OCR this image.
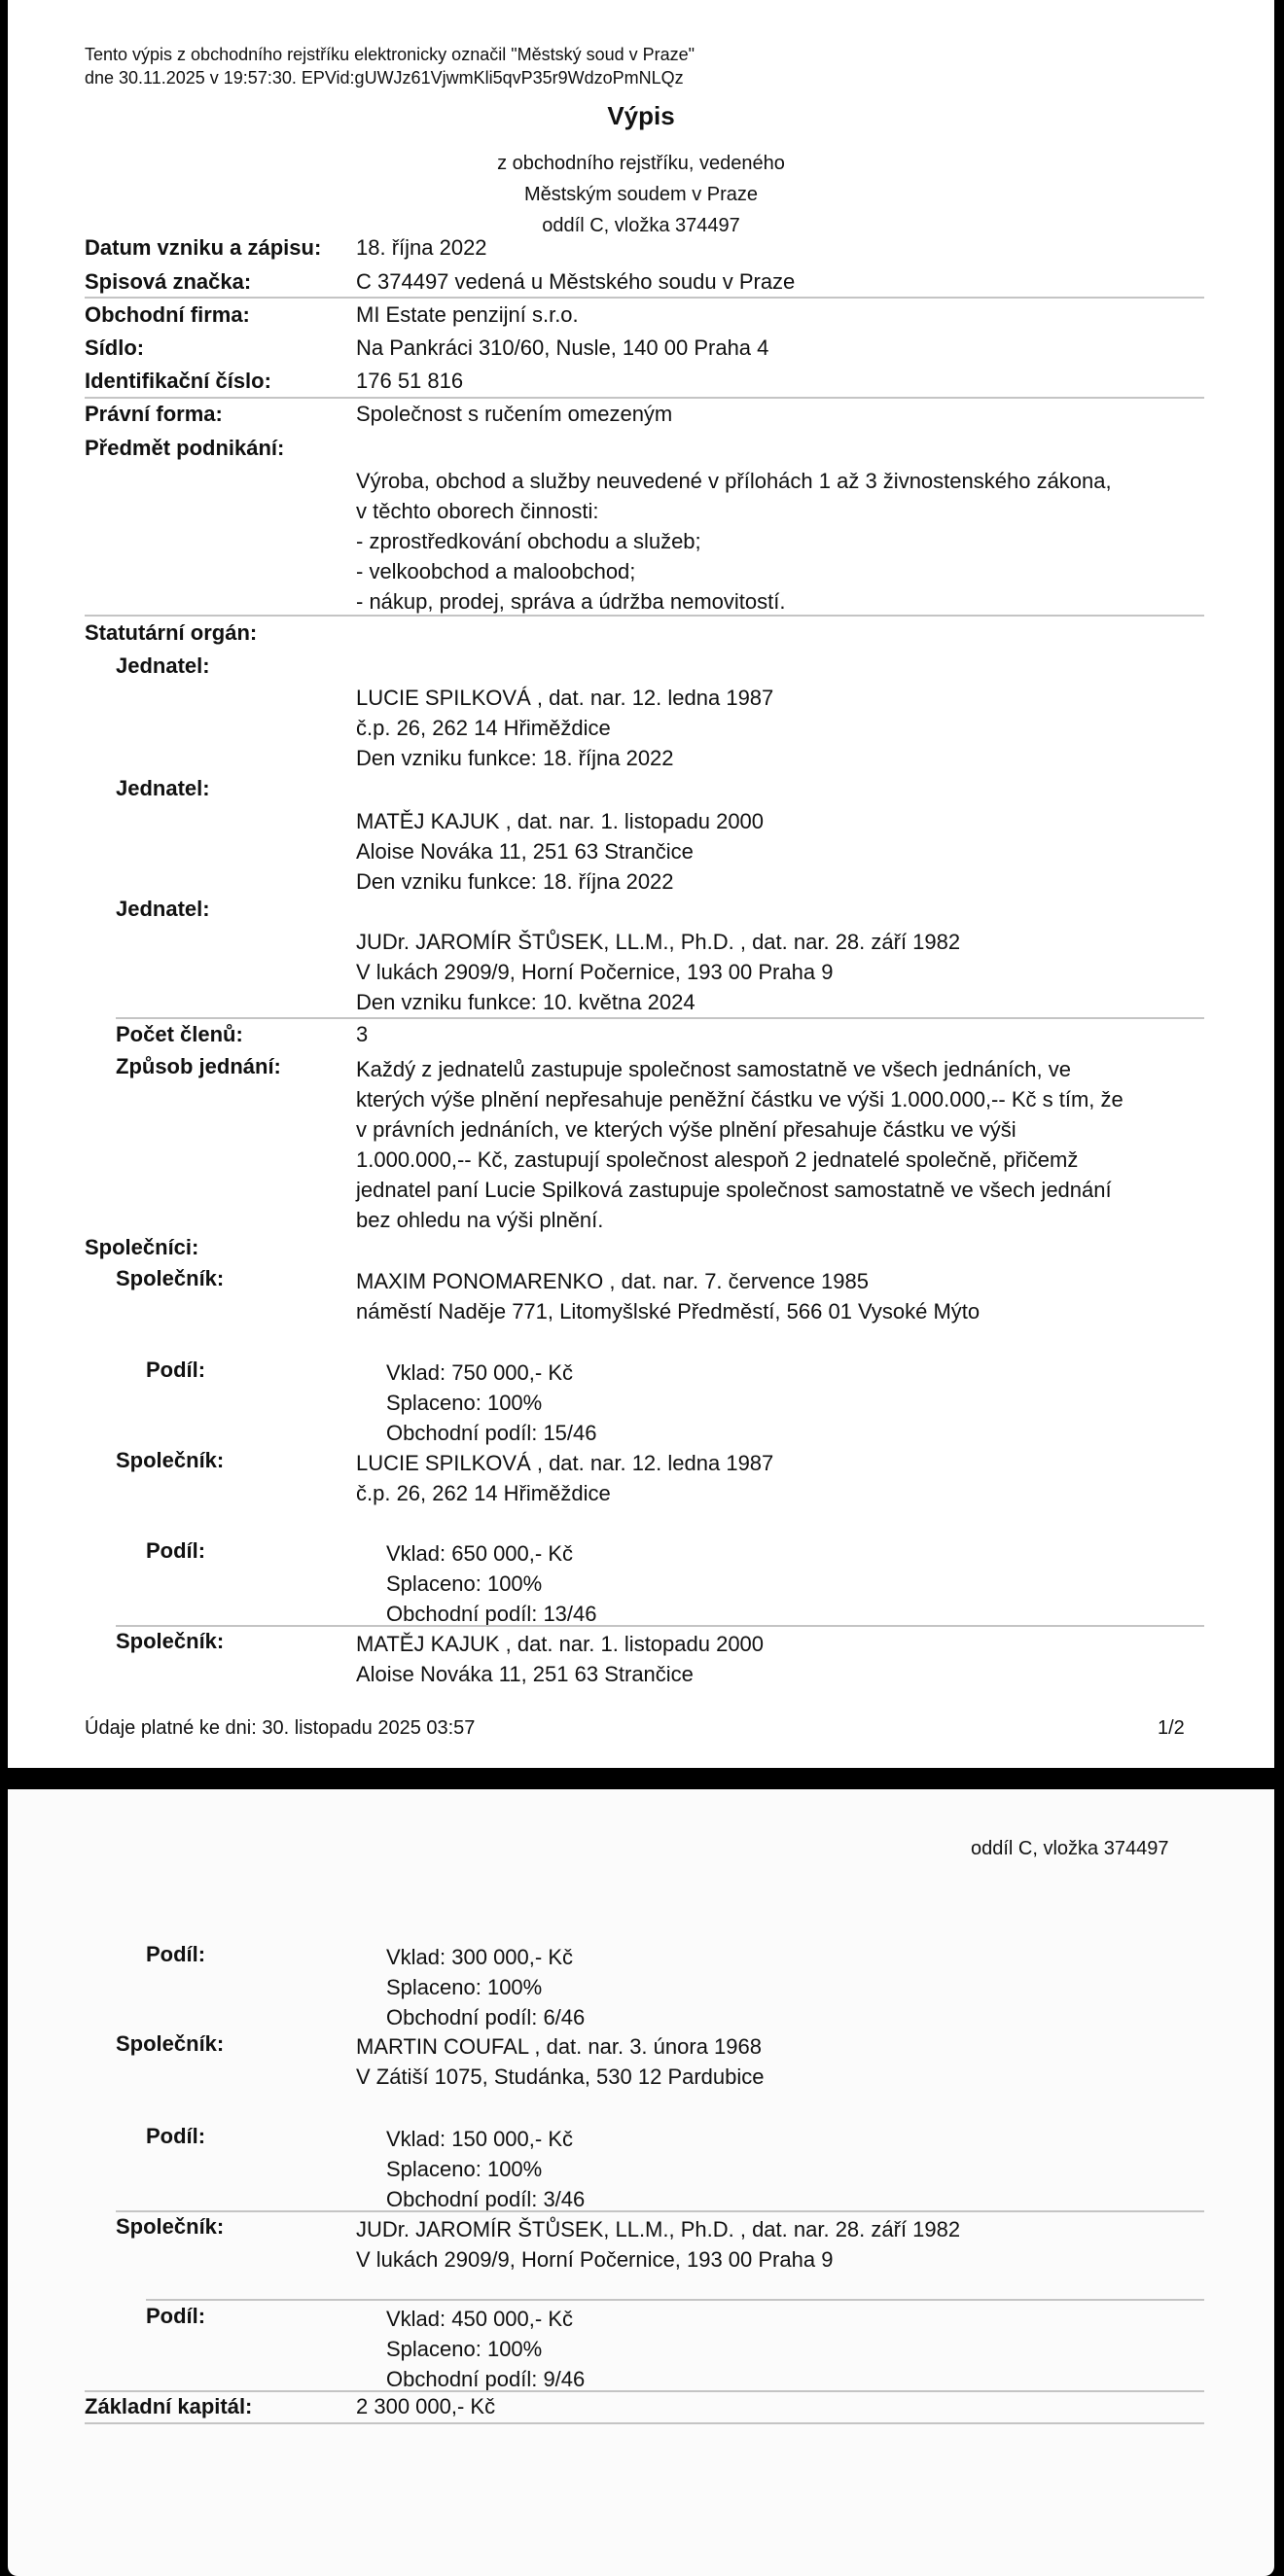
Tento výpis z obchodního rejstříku elektronicky označil "Městský soud v Praze"
dne 30.11.2025 v 19:57:30. EPVid:gUWJz61VjwmKli5qvP35r9WdzoPmNLQz
Výpis
z obchodního rejstříku, vedeného
Městským soudem v Praze
oddíl C, vložka 374497
Datum vzniku a zápisu: 18. října 2022
Spisová značka:	C 374497 vedená u Městského soudu v Praze
Obchodní firma:	MI Estate penzijní s.r.o.
Sídlo:	Na Pankráci 310/60, Nusle, 140 00 Praha 4
Identifikační číslo:	176 51 816
Právní forma:	Společnost s ručením omezeným
Předmět podnikání:
Výroba, obchod a služby neuvedené v přílohách 1 až 3 živnostenského zákona,
v těchto oborech činnosti:
- zprostředkování obchodu a služeb;
- velkoobchod a maloobchod;
- nákup, prodej, správa a údržba nemovitostí.
Statutární orgán:
Jednatel:
LUCIE SPILKOVÁ , dat. nar. 12. ledna 1987
č.p. 26, 262 14 Hřiměždice
Den vzniku funkce: 18. října 2022
Jednatel:
MATĚJ KAJUK , dat. nar. 1. listopadu 2000
Aloise Nováka 11, 251 63 Strančice
Den vzniku funkce: 18. října 2022
Jednatel:
JUDr. JAROMÍR ŠTŮSEK, LL.M., Ph.D. , dat. nar. 28. září 1982
V lukách 2909/9, Horní Počernice, 193 00 Praha 9
Den vzniku funkce: 10. května 2024
Počet členů:	3
Způsob jednání:	Každý z jednatelů zastupuje společnost samostatně ve všech jednáních, ve
kterých výše plnění nepřesahuje peněžní částku ve výši 1.000.000,-- Kč s tím, že
v právních jednáních, ve kterých výše plnění přesahuje částku ve výši
1.000.000,-- Kč, zastupují společnost alespoň 2 jednatelé společně, přičemž
jednatel paní Lucie Spilková zastupuje společnost samostatně ve všech jednání
bez ohledu na výši plnění.
Společníci:
Společník:	MAXIM PONOMARENKO , dat. nar. 7. července 1985
náměstí Naděje 771, Litomyšlské Předměstí, 566 01 Vysoké Mýto
Podíl:	Vklad: 750 000,- Kč
Splaceno: 100%
Obchodní podíl: 15/46
Společník:	LUCIE SPILKOVÁ , dat. nar. 12. ledna 1987
č.p. 26, 262 14 Hřiměždice
Podíl:	Vklad: 650 000,- Kč
Splaceno: 100%
Obchodní podíl: 13/46
Společník:	MATĚJ KAJUK , dat. nar. 1. listopadu 2000
Aloise Nováka 11, 251 63 Strančice
Údaje platné ke dni: 30. listopadu 2025 03:57	1/2
oddíl C, vložka 374497
Podíl:	Vklad: 300 000,- Kč
Splaceno: 100%
Obchodní podíl: 6/46
Společník:	MARTIN COUFAL , dat. nar. 3. února 1968
V Zátiší 1075, Studánka, 530 12 Pardubice
Podíl:	Vklad: 150 000,- Kč
Splaceno: 100%
Obchodní podíl: 3/46
Společník:	JUDr. JAROMÍR ŠTŮSEK, LL.M., Ph.D. , dat. nar. 28. září 1982
V lukách 2909/9, Horní Počernice, 193 00 Praha 9
Podíl:	Vklad: 450 000,- Kč
Splaceno: 100%
Obchodní podíl: 9/46
Základní kapitál:	2 300 000,- Kč
